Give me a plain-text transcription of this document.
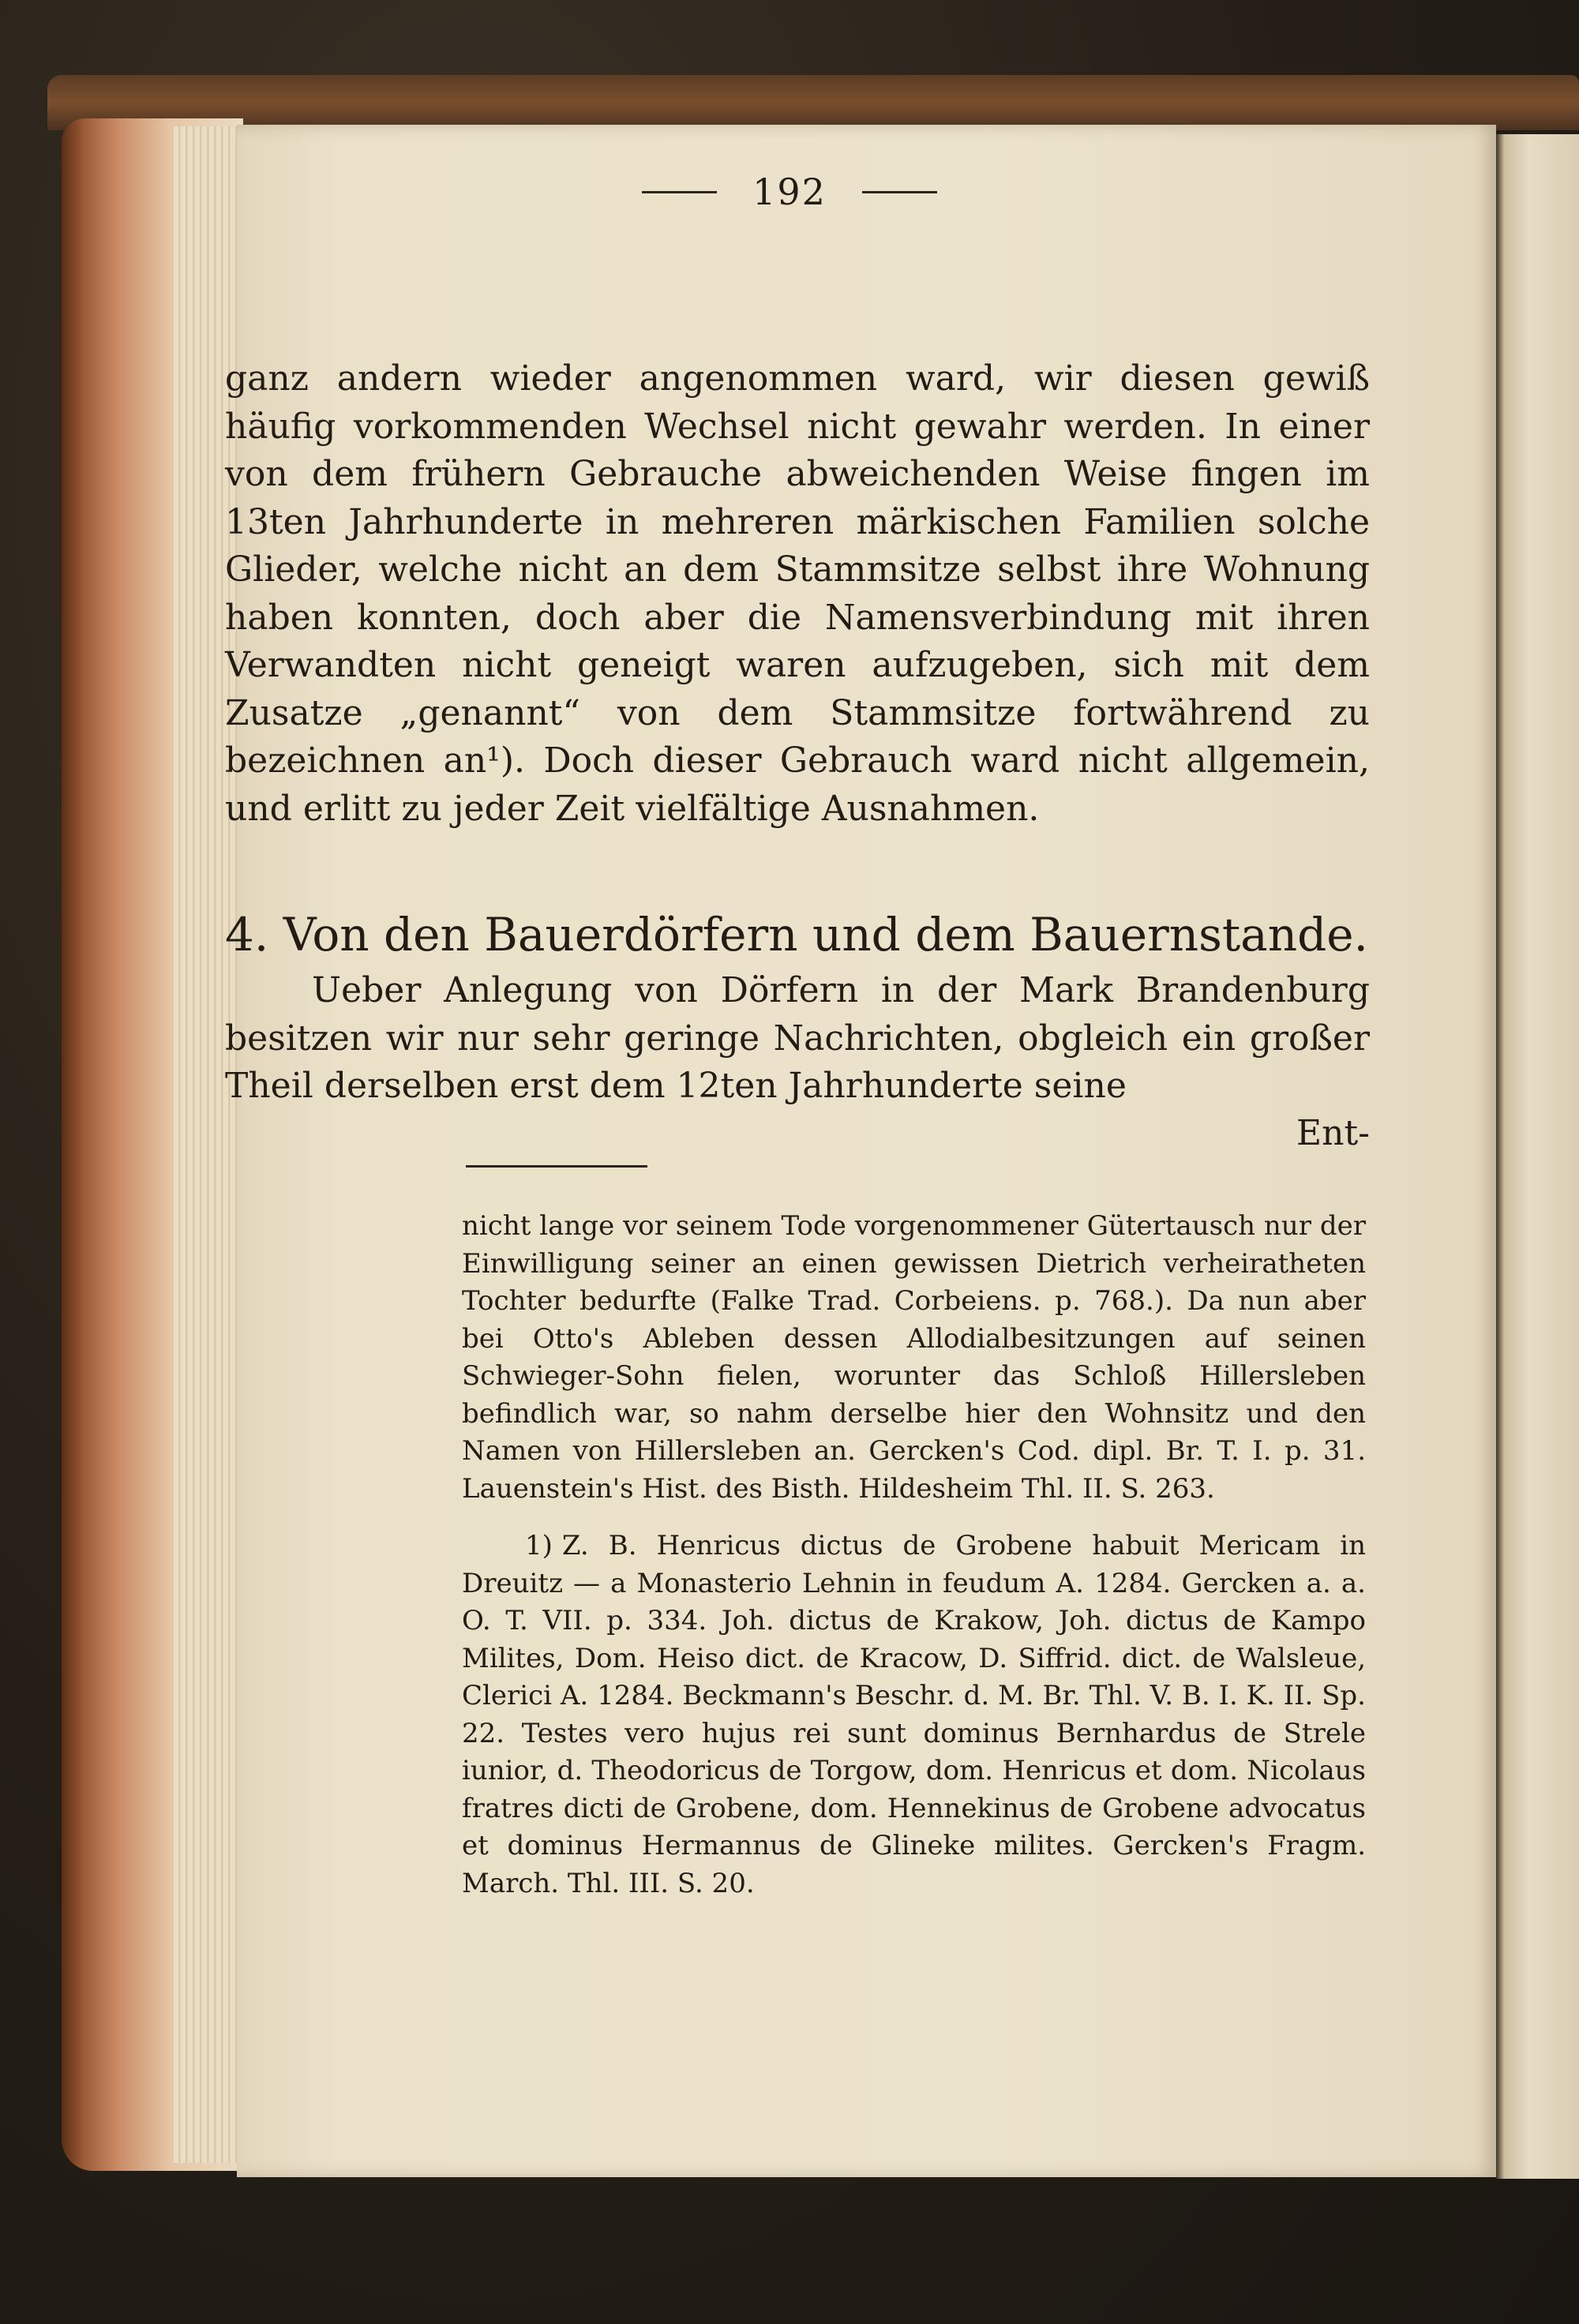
192
ganz andern wieder angenommen ward, wir diesen gewiß häufig vorkommenden Wechsel nicht gewahr werden. In einer von dem frühern Gebrauche abweichenden Weise fingen im 13ten Jahrhunderte in mehreren märkischen Familien solche Glieder, welche nicht an dem Stammsitze selbst ihre Wohnung haben konnten, doch aber die Namensverbindung mit ihren Verwandten nicht geneigt waren aufzugeben, sich mit dem Zusatze „genannt“ von dem Stammsitze fortwährend zu bezeichnen an¹). Doch dieser Gebrauch ward nicht allgemein, und erlitt zu jeder Zeit vielfältige Ausnahmen.
4. Von den Bauerdörfern und dem Bauernstande.
Ueber Anlegung von Dörfern in der Mark Brandenburg besitzen wir nur sehr geringe Nachrichten, obgleich ein großer Theil derselben erst dem 12ten Jahrhunderte seine
Ent-
nicht lange vor seinem Tode vorgenommener Gütertausch nur der Einwilligung seiner an einen gewissen Dietrich verheiratheten Tochter bedurfte (Falke Trad. Corbeiens. p. 768.). Da nun aber bei Otto's Ableben dessen Allodialbesitzungen auf seinen Schwieger-Sohn fielen, worunter das Schloß Hillersleben befindlich war, so nahm derselbe hier den Wohnsitz und den Namen von Hillersleben an. Gercken's Cod. dipl. Br. T. I. p. 31. Lauenstein's Hist. des Bisth. Hildesheim Thl. II. S. 263.
1) Z. B. Henricus dictus de Grobene habuit Mericam in Dreuitz — a Monasterio Lehnin in feudum A. 1284. Gercken a. a. O. T. VII. p. 334. Joh. dictus de Krakow, Joh. dictus de Kampo Milites, Dom. Heiso dict. de Kracow, D. Siffrid. dict. de Walsleue, Clerici A. 1284. Beckmann's Beschr. d. M. Br. Thl. V. B. I. K. II. Sp. 22. Testes vero hujus rei sunt dominus Bernhardus de Strele iunior, d. Theodoricus de Torgow, dom. Henricus et dom. Nicolaus fratres dicti de Grobene, dom. Hennekinus de Grobene advocatus et dominus Hermannus de Glineke milites. Gercken's Fragm. March. Thl. III. S. 20.
